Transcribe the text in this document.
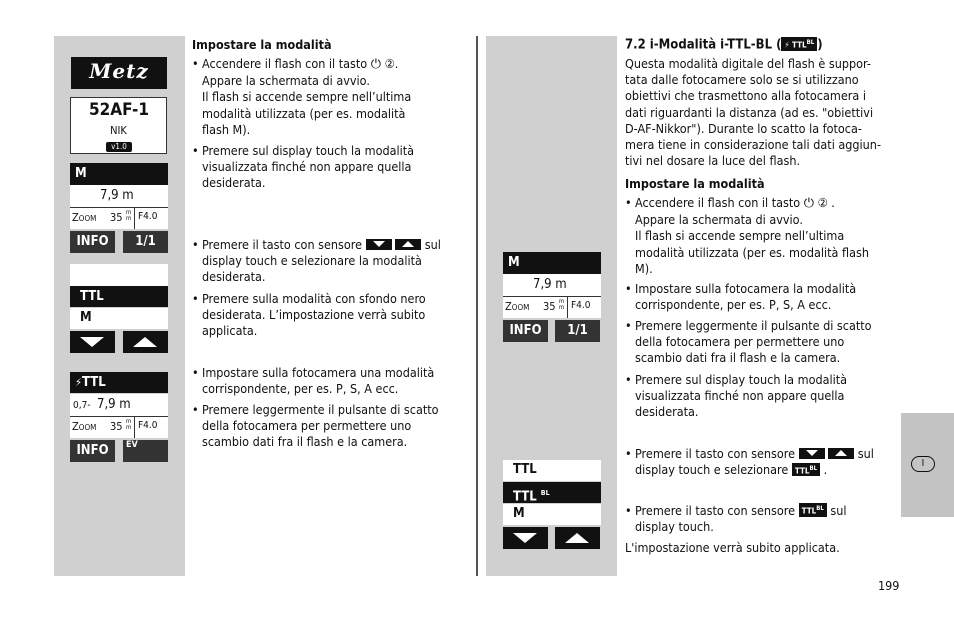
Metz
52AF-1
NIK
v1.0
M
7,9 m
Zoom 35 mm F4.0
INFO	1/1
TTL
M
⚡TTL
0,7- 7,9 m
Zoom 35 mm F4.0
INFO	EV
Impostare la modalità
• Accendere il flash con il tasto ⏻ ②.
Appare la schermata di avvio.
Il flash si accende sempre nell’ultima
modalità utilizzata (per es. modalità
flash M).
• Premere sul display touch la modalità
visualizzata finché non appare quella
desiderata.
• Premere il tasto con sensore	sul
display touch e selezionare la modalità
desiderata.
• Premere sulla modalità con sfondo nero
desiderata. L’impostazione verrà subito
applicata.
• Impostare sulla fotocamera una modalità
corrispondente, per es. P, S, A ecc.
• Premere leggermente il pulsante di scatto
della fotocamera per permettere uno
scambio dati fra il flash e la camera.
M
7,9 m
Zoom 35 mm F4.0
INFO	1/1
TTL
TTL $^{BL}$
M
7.2 i-Modalità i-TTL-BL ( ⚡ $TTL^{BL}$ )
Questa modalità digitale del flash è suppor-
tata dalle fotocamere solo se si utilizzano
obiettivi che trasmettono alla fotocamera i
dati riguardanti la distanza (ad es. "obiettivi
D-AF-Nikkor"). Durante lo scatto la fotoca-
mera tiene in considerazione tali dati aggiun-
tivi nel dosare la luce del flash.
Impostare la modalità
• Accendere il flash con il tasto ⏻ ② .
Appare la schermata di avvio.
Il flash si accende sempre nell’ultima
modalità utilizzata (per es. modalità flash
M).
• Impostare sulla fotocamera la modalità
corrispondente, per es. P, S, A ecc.
• Premere leggermente il pulsante di scatto
della fotocamera per permettere uno
scambio dati fra il flash e la camera.
• Premere sul display touch la modalità
visualizzata finché non appare quella
desiderata.
• Premere il tasto con sensore	sul
display touch e selezionare $TTL^{BL}$ .
• Premere il tasto con sensore $TTL^{BL}$ sul
display touch.
L'impostazione verrà subito applicata.
I
199
